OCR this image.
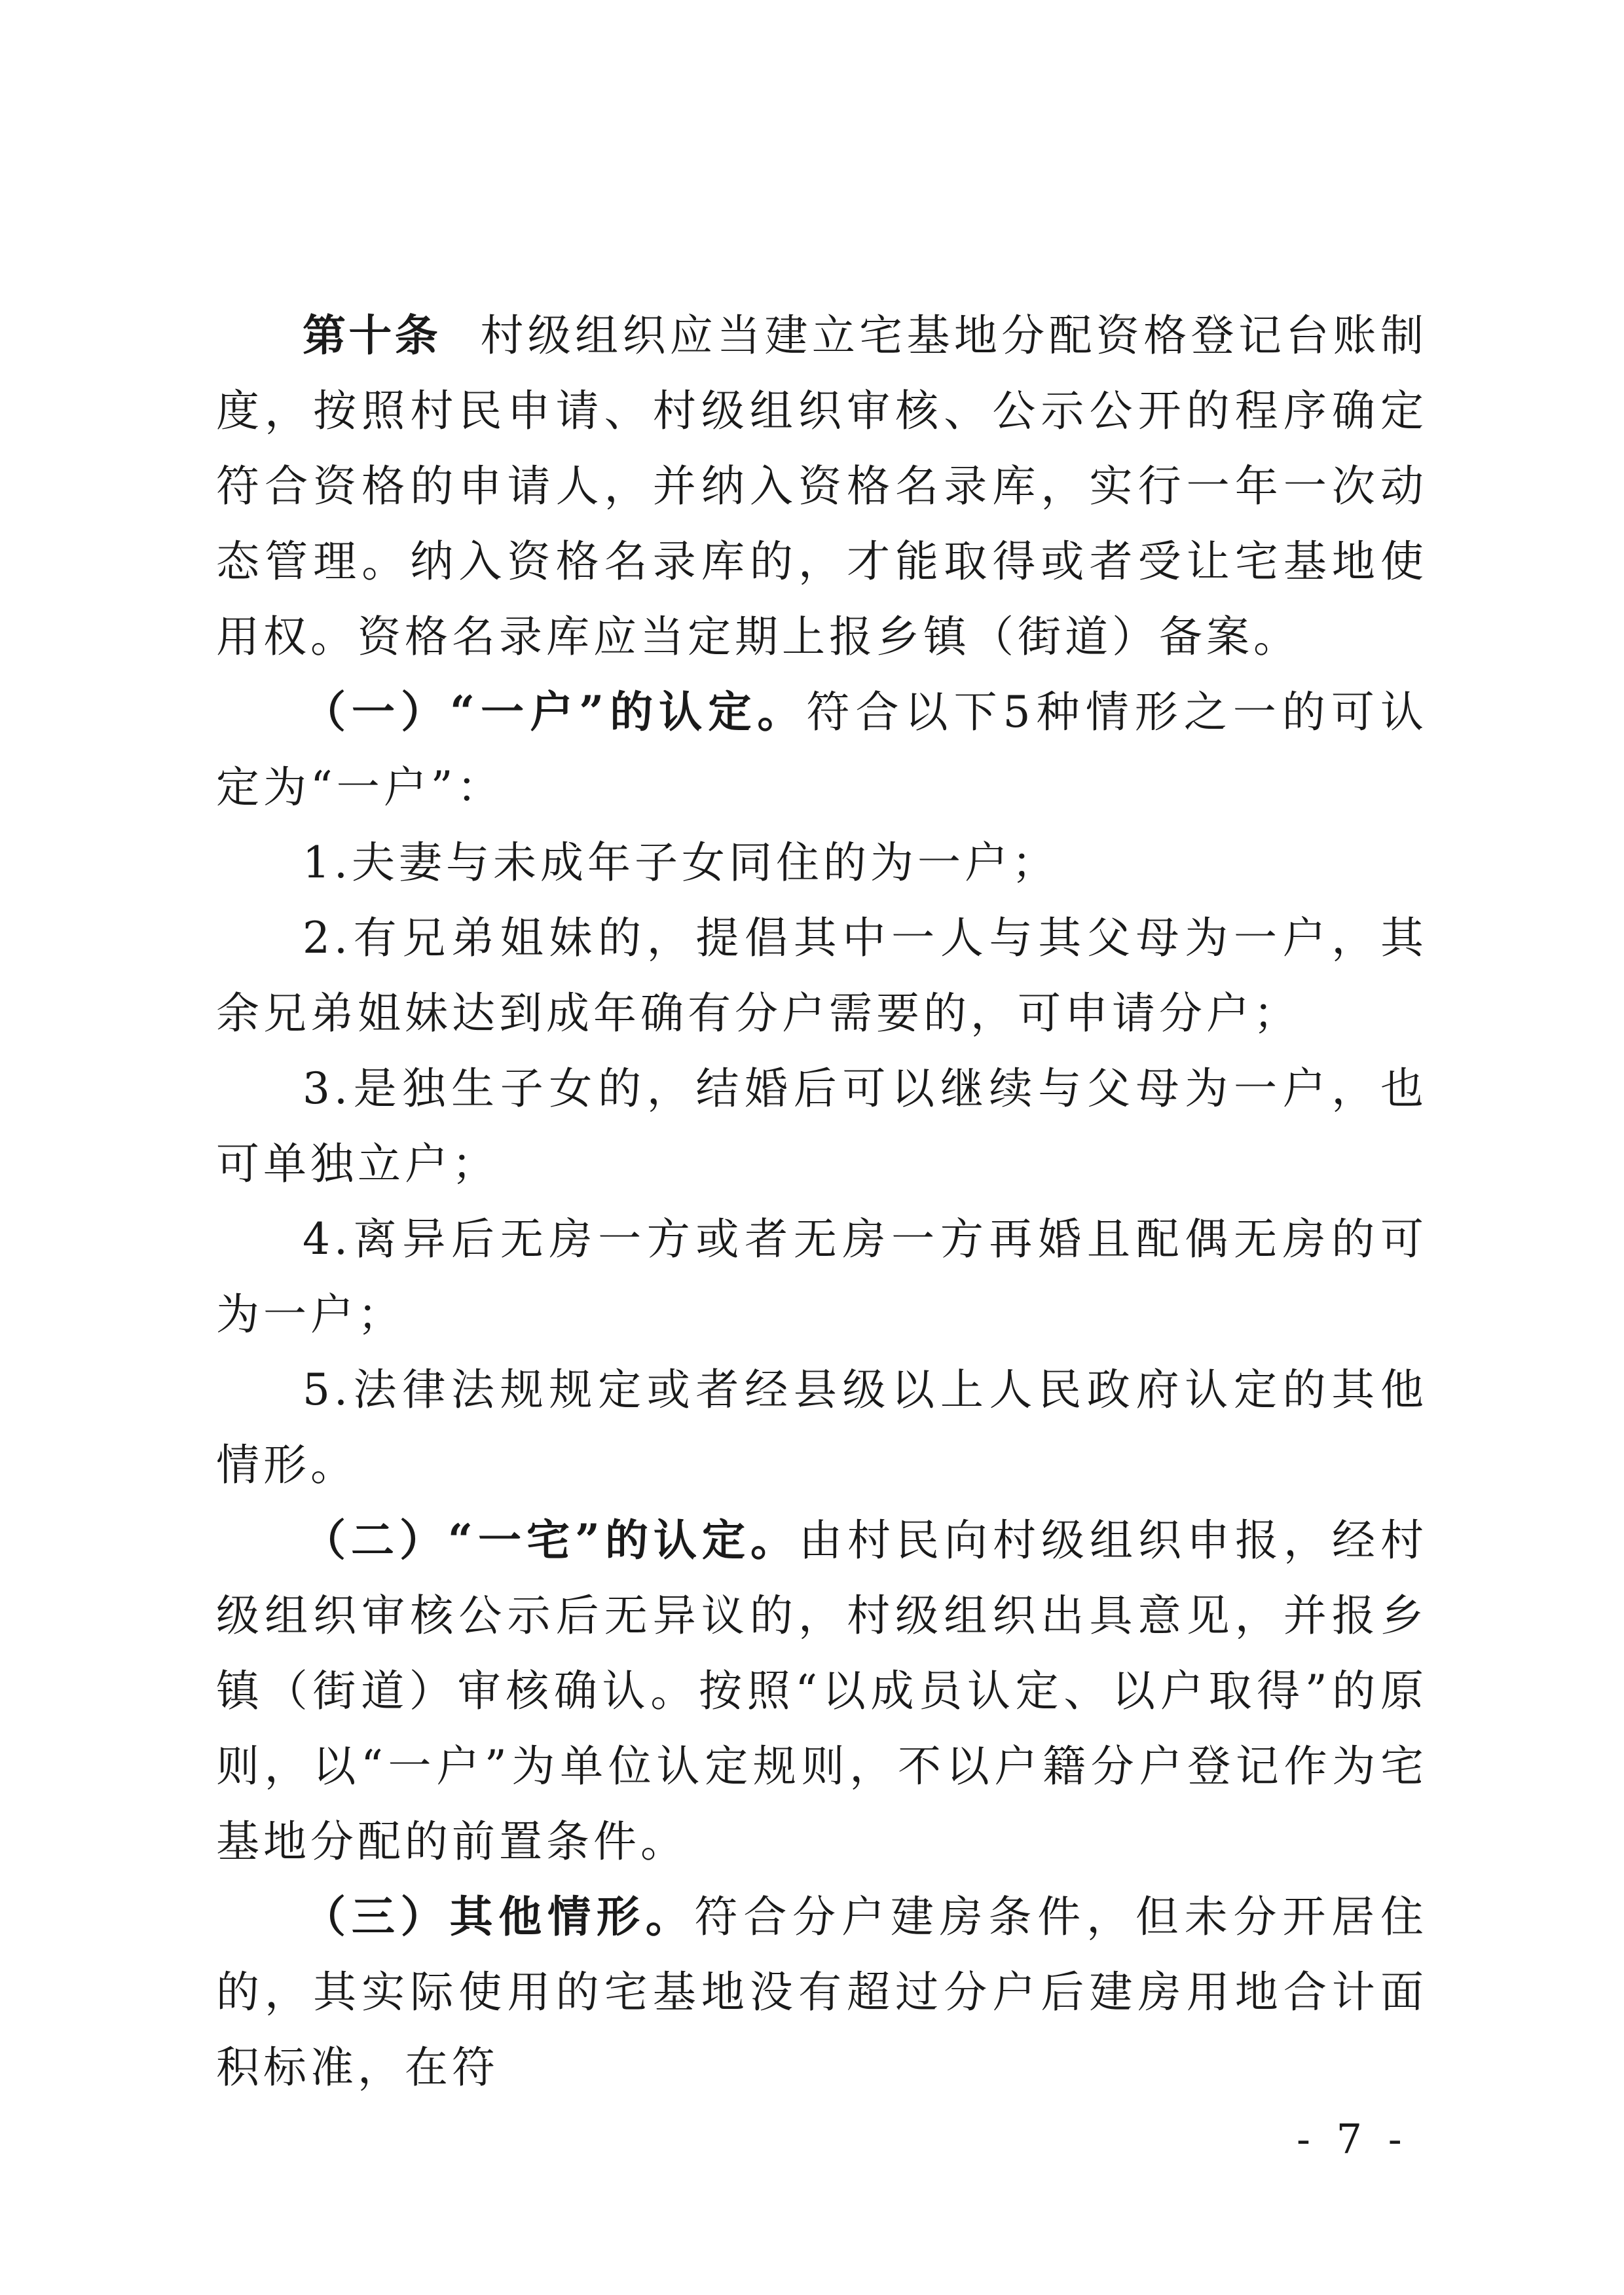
第十条 村级组织应当建立宅基地分配资格登记台账制度，按照村民申请、村级组织审核、公示公开的程序确定符合资格的申请人，并纳入资格名录库，实行一年一次动态管理。纳入资格名录库的，才能取得或者受让宅基地使用权。资格名录库应当定期上报乡镇（街道）备案。

（一）“一户”的认定。符合以下5种情形之一的可认定为“一户”：

1.夫妻与未成年子女同住的为一户；

2.有兄弟姐妹的，提倡其中一人与其父母为一户，其余兄弟姐妹达到成年确有分户需要的，可申请分户；

3.是独生子女的，结婚后可以继续与父母为一户，也可单独立户；

4.离异后无房一方或者无房一方再婚且配偶无房的可为一户；

5.法律法规规定或者经县级以上人民政府认定的其他情形。

（二）“一宅”的认定。由村民向村级组织申报，经村级组织审核公示后无异议的，村级组织出具意见，并报乡镇（街道）审核确认。按照“以成员认定、以户取得”的原则，以“一户”为单位认定规则，不以户籍分户登记作为宅基地分配的前置条件。

（三）其他情形。符合分户建房条件，但未分开居住的，其实际使用的宅基地没有超过分户后建房用地合计面积标准，在符

- 7 -
